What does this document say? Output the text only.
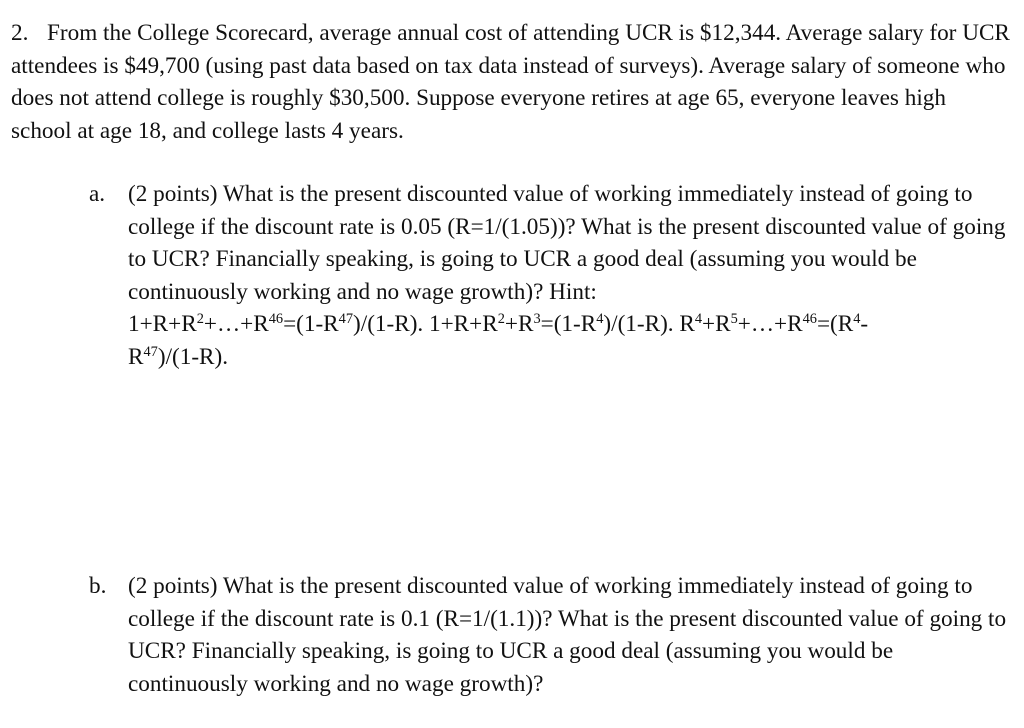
2. From the College Scorecard, average annual cost of attending UCR is $12,344. Average salary for UCR attendees is $49,700 (using past data based on tax data instead of surveys). Average salary of someone who does not attend college is roughly $30,500. Suppose everyone retires at age 65, everyone leaves high school at age 18, and college lasts 4 years.
a. (2 points) What is the present discounted value of working immediately instead of going to college if the discount rate is 0.05 (R=1/(1.05))? What is the present discounted value of going to UCR? Financially speaking, is going to UCR a good deal (assuming you would be continuously working and no wage growth)? Hint:
$1+R+R^2+\dots+R^{46}=(1-R^{47})/(1-R)$. $1+R+R^2+R^3=(1-R^4)/(1-R)$. $R^4+R^5+\dots+R^{46}=(R^4-$
$R^{47})/(1-R)$.
b. (2 points) What is the present discounted value of working immediately instead of going to college if the discount rate is 0.1 (R=1/(1.1))? What is the present discounted value of going to UCR? Financially speaking, is going to UCR a good deal (assuming you would be continuously working and no wage growth)?
